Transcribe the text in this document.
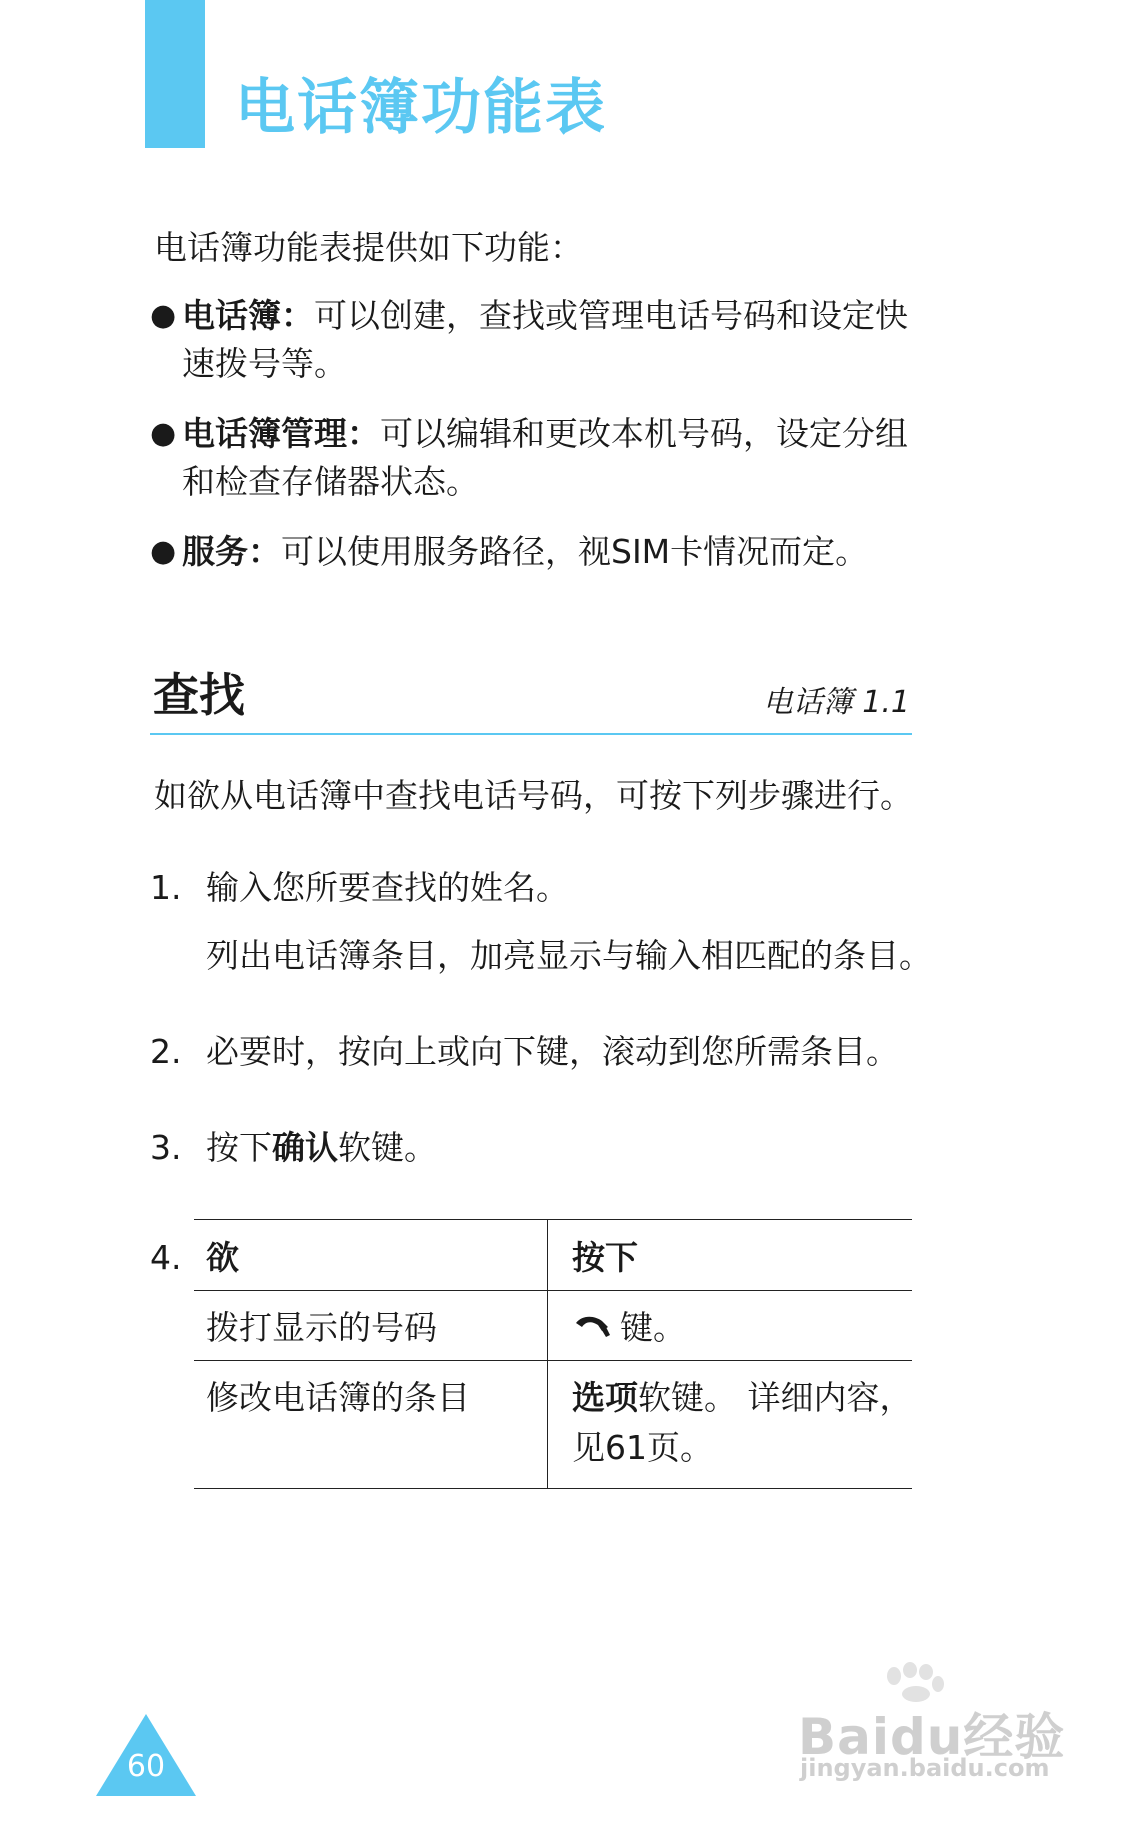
电话簿功能表
电话簿功能表提供如下功能：
● 电话簿：可以创建，查找或管理电话号码和设定快速拨号等。
● 电话簿管理：可以编辑和更改本机号码，设定分组和检查存储器状态。
● 服务：可以使用服务路径，视SIM卡情况而定。
查找	电话簿 1.1
如欲从电话簿中查找电话号码，可按下列步骤进行。
1. 输入您所要查找的姓名。
列出电话簿条目，加亮显示与输入相匹配的条目。
2. 必要时，按向上或向下键，滚动到您所需条目。
3. 按下确认软键。
4. 欲	按下
拨打显示的号码	键。
修改电话簿的条目	选项软键。 详细内容，
见61页。
60
Baidu经验
jingyan.baidu.com
